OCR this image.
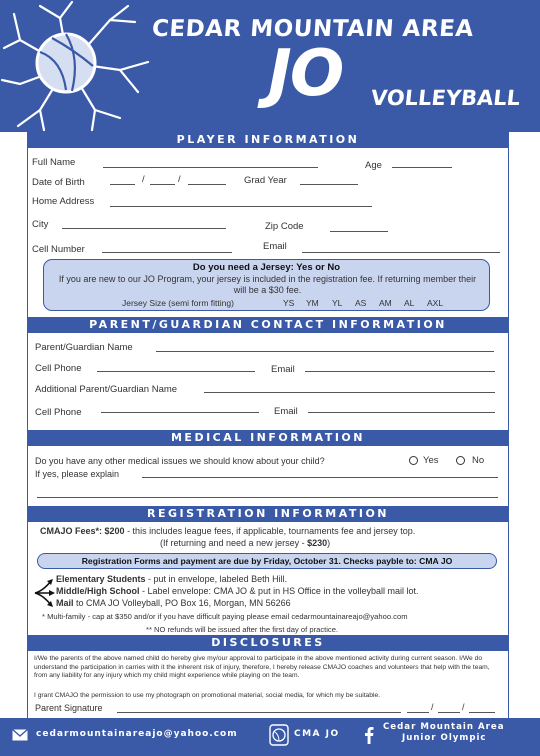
CEDAR MOUNTAIN AREA
JO VOLLEYBALL
PLAYER INFORMATION
Full Name	Age
Date of Birth	/	/	Grad Year
Home Address
City	Zip Code
Cell Number	Email
Do you need a Jersey: Yes or No
If you are new to our JO Program, your jersey is included in the registration fee. If returning member their will be a $30 fee.
Jersey Size (semi form fitting)	YS YM YL AS AM AL AXL
PARENT/GUARDIAN CONTACT INFORMATION
Parent/Guardian Name
Cell Phone	Email
Additional Parent/Guardian Name
Cell Phone	Email
MEDICAL INFORMATION
Do you have any other medical issues we should know about your child?	Yes	No
If yes, please explain
REGISTRATION INFORMATION
CMAJO Fees*: $200 - this includes league fees, if applicable, tournaments fee and jersey top.
(If returning and need a new jersey - $230)
Registration Forms and payment are due by Friday, October 31. Checks payble to: CMA JO
Elementary Students - put in envelope, labeled Beth Hill.
Middle/High School - Label envelope: CMA JO & put in HS Office in the volleyball mail lot.
Mail to CMA JO Volleyball, PO Box 16, Morgan, MN 56266
* Multi-family - cap at $350 and/or if you have difficult paying please email cedarmountainareajo@yahoo.com
** NO refunds will be issued after the first day of practice.
DISCLOSURES
I/We the parents of the above named child do hereby give my/our approval to participate in the above mentioned activity during current season. I/We do understand the participation in carries with it the inherent risk of injury, therefore, I hereby release CMAJO coaches and volunteers that help with the team, from any liability for any injury which my child might experience while playing on the team.
I grant CMAJO the permission to use my photograph on promotional material, social media, for which my be suitable.
Parent Signature	/	/
cedarmountainareajo@yahoo.com	CMA JO
Cedar Mountain Area
Junior Olympic
